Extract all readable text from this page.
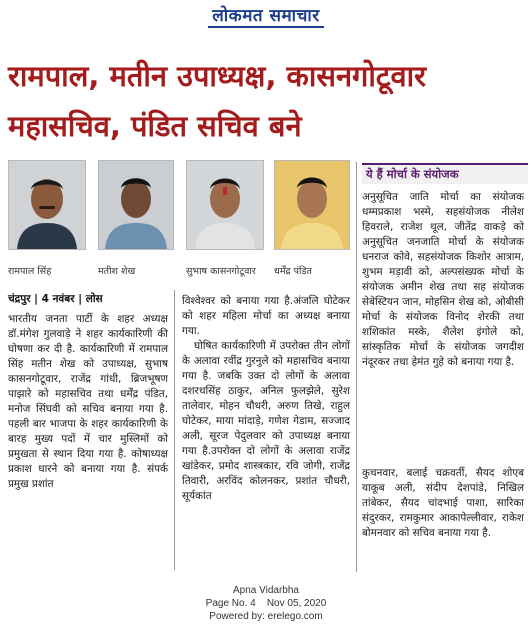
लोकमत समाचार
रामपाल, मतीन उपाध्यक्ष, कासनगोटूवार
महासचिव, पंडित सचिव बने
रामपाल सिंह	मतीश शेख	सुभाष कासनगोटूवार धर्मेंद्र पंडित
चंद्रपुर | 4 नवंबर | लोस

भारतीय जनता पार्टी के शहर अध्यक्ष डॉ.मंगेश गुलवाड़े ने शहर कार्यकारिणी की घोषणा कर दी है. कार्यकारिणी में रामपाल सिंह मतीन शेख को उपाध्यक्ष, सुभाष कासनगोटूवार, राजेंद्र गांधी, ब्रिजभूषण पाझारे को महासचिव तथा धर्मेंद्र पंडित, मनोज सिंघवी को सचिव बनाया गया है. पहली बार भाजपा के शहर कार्यकारिणी के बारह मुख्य पदों में चार मुस्लिमों को प्रमुखता से स्थान दिया गया है. कोषाध्यक्ष प्रकाश धारने को बनाया गया है. संपर्क प्रमुख प्रशांत

विश्वेश्वर को बनाया गया है.अंजलि घोटेकर को शहर महिला मोर्चा का अध्यक्ष बनाया गया.

घोषित कार्यकारिणी में उपरोक्त तीन लोगों के अलावा रवींद्र गुरनुले को महासचिव बनाया गया है. जबकि उक्त दो लोगों के अलावा दशरथसिंह ठाकुर, अनिल फुलझेले, सुरेश तालेवार, मोहन चौधरी, अरुण तिखे, राहुल घोटेकर, माया मांदाड़े, गणेश गेडाम, सज्जाद अली, सूरज पेदुलवार को उपाध्यक्ष बनाया गया है.उपरोक्त दो लोगों के अलावा राजेंद्र खांडेकर, प्रमोद शास्त्रकार, रवि जोगी, राजेंद्र तिवारी, अरविंद कोलनकर, प्रशांत चौधरी, सूर्यकांत

ये हैं मोर्चा के संयोजक

अनुसूचित जाति मोर्चा का संयोजक धम्मप्रकाश भस्मे, सहसंयोजक नीलेश हिवराले, राजेश थूल, जीतेंद्र वाकड़े को अनुसूचित जनजाति मोर्चा के संयोजक धनराज कोवे, सहसंयोजक किशोर आत्राम, शुभम मड़ावी को, अल्पसंख्यक मोर्चा के संयोजक अमीन शेख तथा सह संयोजक सेबेस्टियन जान, मोहसिन शेख को, ओबीसी मोर्चा के संयोजक विनोद शेरकी तथा शशिकांत मस्के, शैलेश इंगोले को, सांस्कृतिक मोर्चा के संयोजक जगदीश नंदूरकर तथा हेमंत गुहे को बनाया गया है.

कुचनवार, बलाई चक्रवर्ती, सैयद शोएब याकूब अली, संदीप देशपांडे, निखिल तांबेकर, सैयद चांदभाई पाशा, सारिका संदुरकर, रामकुमार आकापेल्लीवार, राकेश बोमनवार को सचिव बनाया गया है.

Apna Vidarbha
Page No. 4    Nov 05, 2020
Powered by: erelego.com
